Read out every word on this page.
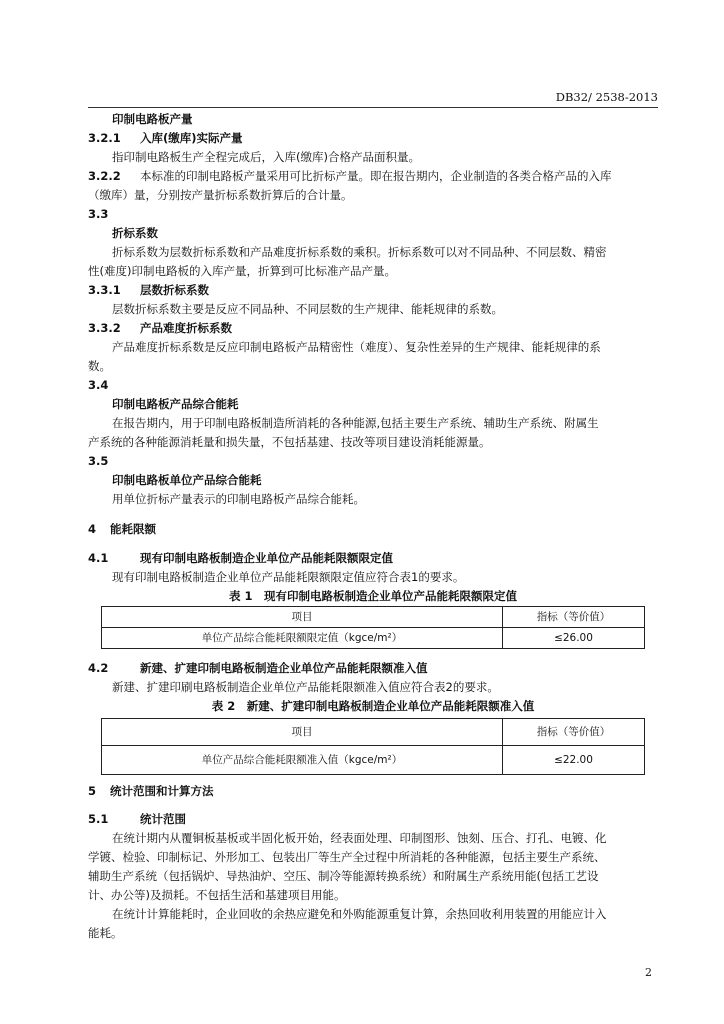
DB32/ 2538-2013
印制电路板产量
3.2.1 入库(缴库)实际产量
指印制电路板生产全程完成后，入库(缴库)合格产品面积量。
3.2.2 本标准的印制电路板产量采用可比折标产量。即在报告期内，企业制造的各类合格产品的入库
（缴库）量，分别按产量折标系数折算后的合计量。
3.3
折标系数
折标系数为层数折标系数和产品难度折标系数的乘积。折标系数可以对不同品种、不同层数、精密
性(难度)印制电路板的入库产量，折算到可比标准产品产量。
3.3.1 层数折标系数
层数折标系数主要是反应不同品种、不同层数的生产规律、能耗规律的系数。
3.3.2 产品难度折标系数
产品难度折标系数是反应印制电路板产品精密性（难度）、复杂性差异的生产规律、能耗规律的系
数。
3.4
印制电路板产品综合能耗
在报告期内，用于印制电路板制造所消耗的各种能源,包括主要生产系统、辅助生产系统、附属生
产系统的各种能源消耗量和损失量，不包括基建、技改等项目建设消耗能源量。
3.5
印制电路板单位产品综合能耗
用单位折标产量表示的印制电路板产品综合能耗。
4 能耗限额
4.1	现有印制电路板制造企业单位产品能耗限额限定值
现有印制电路板制造企业单位产品能耗限额限定值应符合表1的要求。
表 1　现有印制电路板制造企业单位产品能耗限额限定值
项目	指标（等价值）
单位产品综合能耗限额限定值（kgce/m²）	≤26.00
4.2	新建、扩建印制电路板制造企业单位产品能耗限额准入值
新建、扩建印刷电路板制造企业单位产品能耗限额准入值应符合表2的要求。
表 2　新建、扩建印制电路板制造企业单位产品能耗限额准入值
项目	指标（等价值）
单位产品综合能耗限额准入值（kgce/m²）	≤22.00
5 统计范围和计算方法
5.1	统计范围
在统计期内从覆铜板基板或半固化板开始，经表面处理、印制图形、蚀刻、压合、打孔、电镀、化
学镀、检验、印制标记、外形加工、包装出厂等生产全过程中所消耗的各种能源，包括主要生产系统、
辅助生产系统（包括锅炉、导热油炉、空压、制冷等能源转换系统）和附属生产系统用能(包括工艺设
计、办公等)及损耗。不包括生活和基建项目用能。
在统计计算能耗时，企业回收的余热应避免和外购能源重复计算，余热回收利用装置的用能应计入
能耗。
2
